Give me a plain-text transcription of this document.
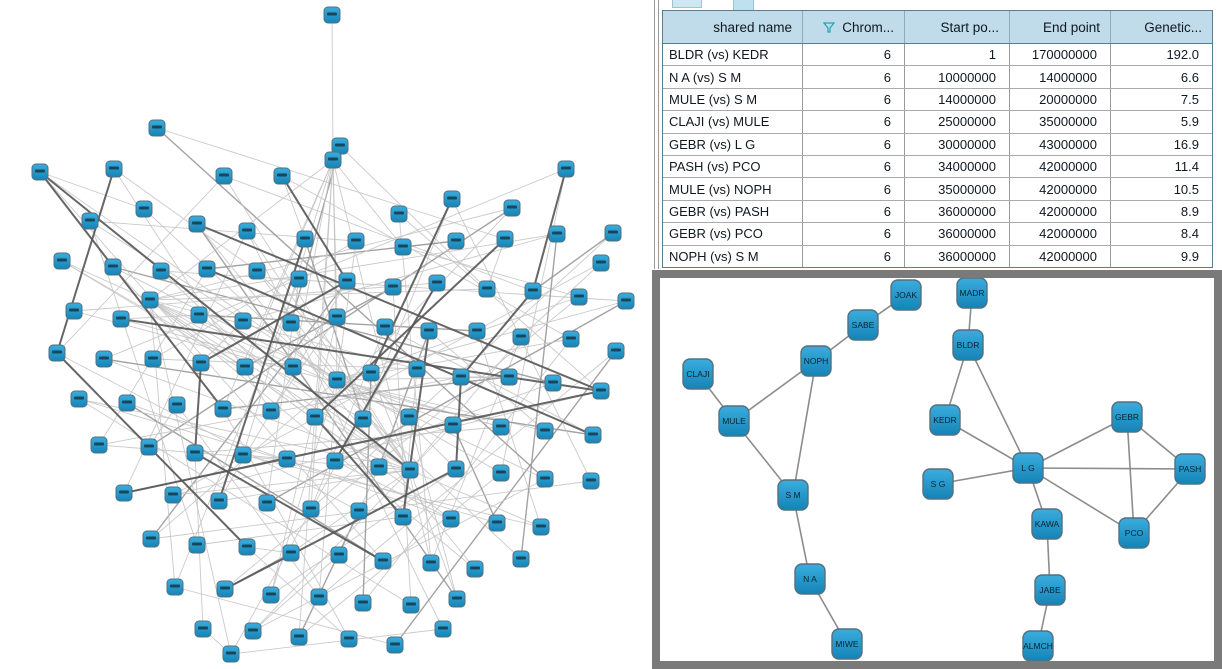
shared name	Chrom...	Start po...	End point	Genetic...
BLDR (vs) KEDR	6	1	170000000	192.0
N A (vs) S M	6	10000000	14000000	6.6
MULE (vs) S M	6	14000000	20000000	7.5
CLAJI (vs) MULE	6	25000000	35000000	5.9
GEBR (vs) L G	6	30000000	43000000	16.9
PASH (vs) PCO	6	34000000	42000000	11.4
MULE (vs) NOPH	6	35000000	42000000	10.5
GEBR (vs) PASH	6	36000000	42000000	8.9
GEBR (vs) PCO	6	36000000	42000000	8.4
NOPH (vs) S M	6	36000000	42000000	9.9
JOAK	MADR
SABE
NOPH
BLDR
CLAJI
MULE	KEDR	GEBR
L G	PASH
S G
S M
KAWA
PCO
N A
JABE
MIWE	ALMCH
